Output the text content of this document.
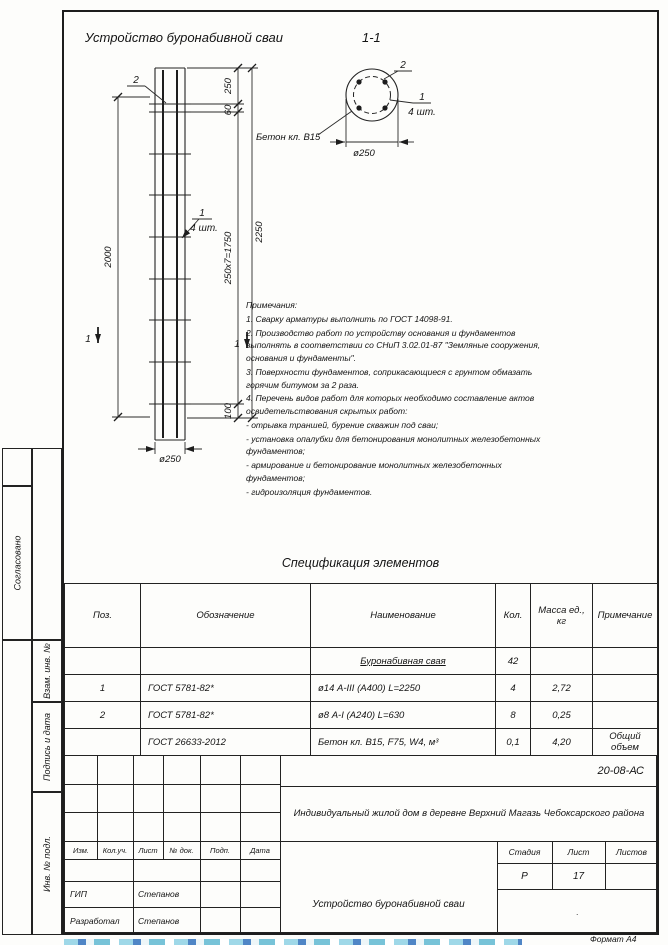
Устройство буронабивной сваи	1-1
2000
250
60
250х7=1750
100
2250
ø250
2
1
4 шт.
1	1
2
1
4 шт.
Бетон кл. В15
ø250
Примечания:
1. Сварку арматуры выполнить по ГОСТ 14098-91.
2. Производство работ по устройству основания и фундаментов выполнять в соответствии со СНиП 3.02.01-87 "Земляные сооружения, основания и фундаменты".
3. Поверхности фундаментов, соприкасающиеся с грунтом обмазать горячим битумом за 2 раза.
4. Перечень видов работ для которых необходимо составление актов освидетельствования скрытых работ:
- отрывка траншей, бурение скважин под сваи;
- установка опалубки для бетонирования монолитных железобетонных фундаментов;
- армирование и бетонирование монолитных железобетонных фундаментов;
- гидроизоляция фундаментов.
Спецификация элементов
Поз.	Обозначение	Наименование	Кол.	Масса ед., кг	Примечание
		Буронабивная свая	42		
1	ГОСТ 5781-82*	ø14 А-III (А400) L=2250	4	2,72	
2	ГОСТ 5781-82*	ø8 А-I (А240) L=630	8	0,25	
	ГОСТ 26633-2012	Бетон кл. В15, F75, W4, м³	0,1	4,20	Общий объем
Изм.	Кол.уч.	Лист	№ док.	Подп.	Дата
ГИП	Степанов
Разработал	Степанов
20-08-АС
Индивидуальный жилой дом в деревне Верхний Магазь Чебоксарского района
Устройство буронабивной сваи
Стадия	Лист	Листов
Р	17
.
Согласовано
Взам. инв. №
Подпись и дата
Инв. № подл.
Формат А4
